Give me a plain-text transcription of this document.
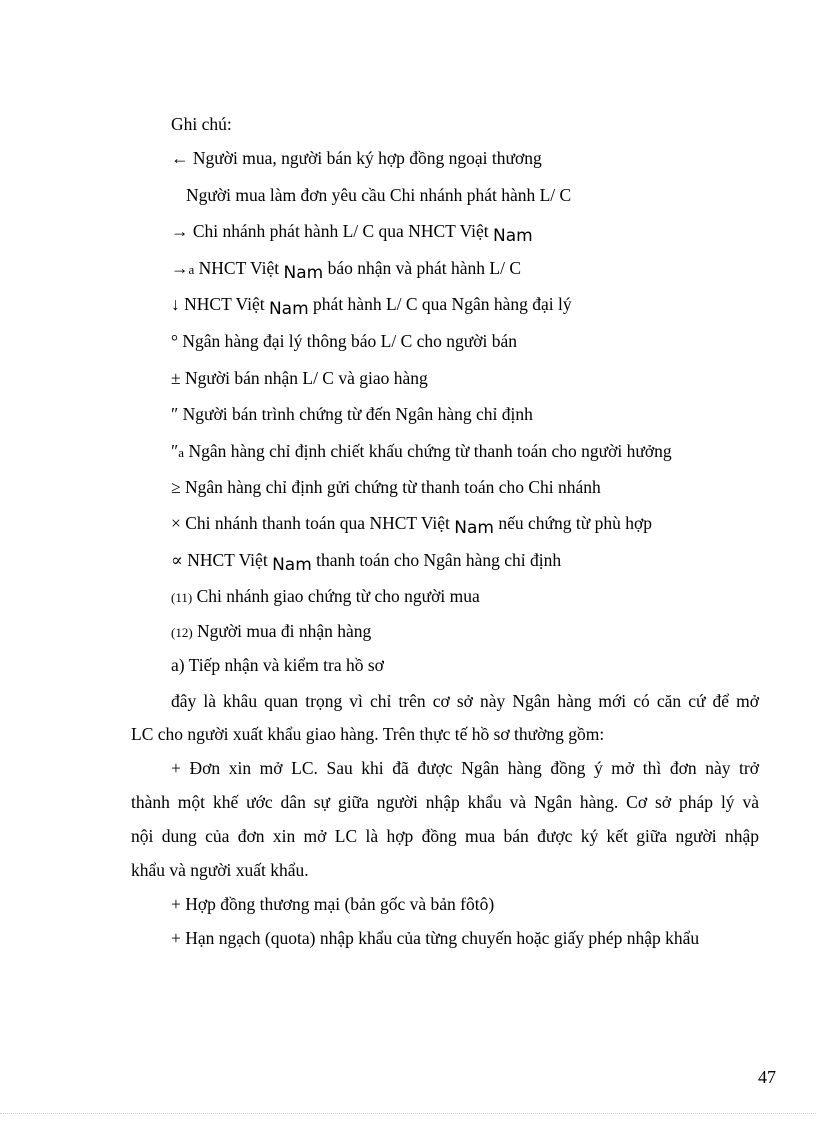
Ghi chú:
← Người mua, người bán ký hợp đồng ngoại thương
Người mua làm đơn yêu cầu Chi nhánh phát hành L/ C
→ Chi nhánh phát hành L/ C qua NHCT Việt Nam
→a NHCT Việt Nam báo nhận và phát hành L/ C
↓ NHCT Việt Nam phát hành L/ C qua Ngân hàng đại lý
° Ngân hàng đại lý thông báo L/ C cho người bán
± Người bán nhận L/ C và giao hàng
″ Người bán trình chứng từ đến Ngân hàng chỉ định
″a Ngân hàng chỉ định chiết khấu chứng từ thanh toán cho người hưởng
≥ Ngân hàng chỉ định gửi chứng từ thanh toán cho Chi nhánh
× Chi nhánh thanh toán qua NHCT Việt Nam nếu chứng từ phù hợp
∝ NHCT Việt Nam thanh toán cho Ngân hàng chỉ định
(11) Chi nhánh giao chứng từ cho người mua
(12) Người mua đi nhận hàng
a) Tiếp nhận và kiểm tra hồ sơ
đây là khâu quan trọng vì chỉ trên cơ sở này Ngân hàng mới có căn cứ để mở
LC cho người xuất khẩu giao hàng. Trên thực tế hồ sơ thường gồm:
+ Đơn xin mở LC. Sau khi đã được Ngân hàng đồng ý mở thì đơn này trở
thành một khế ước dân sự giữa người nhập khẩu và Ngân hàng. Cơ sở pháp lý và
nội dung của đơn xin mở LC là hợp đồng mua bán được ký kết giữa người nhập
khẩu và người xuất khẩu.
+ Hợp đồng thương mại (bản gốc và bản fôtô)
+ Hạn ngạch (quota) nhập khẩu của từng chuyến hoặc giấy phép nhập khẩu
47
